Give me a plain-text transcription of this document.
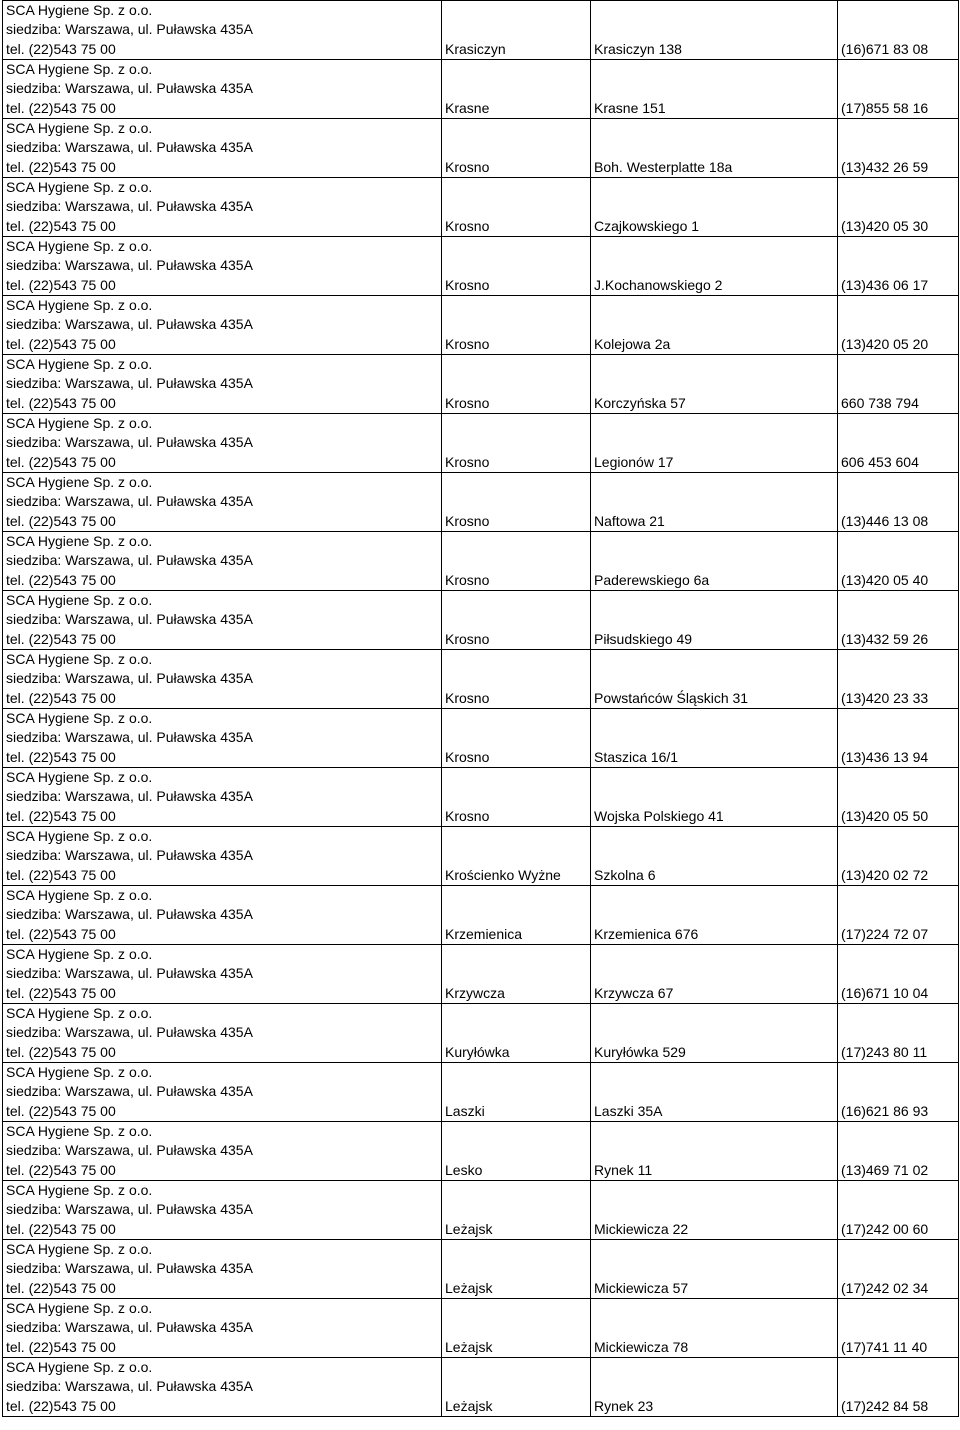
SCA Hygiene Sp. z o.o.
siedziba: Warszawa, ul. Puławska 435A
tel. (22)543 75 00	Krasiczyn	Krasiczyn 138	(16)671 83 08

SCA Hygiene Sp. z o.o.
siedziba: Warszawa, ul. Puławska 435A
tel. (22)543 75 00	Krasne	Krasne 151	(17)855 58 16

SCA Hygiene Sp. z o.o.
siedziba: Warszawa, ul. Puławska 435A
tel. (22)543 75 00	Krosno	Boh. Westerplatte 18a	(13)432 26 59

SCA Hygiene Sp. z o.o.
siedziba: Warszawa, ul. Puławska 435A
tel. (22)543 75 00	Krosno	Czajkowskiego 1	(13)420 05 30

SCA Hygiene Sp. z o.o.
siedziba: Warszawa, ul. Puławska 435A
tel. (22)543 75 00	Krosno	J.Kochanowskiego 2	(13)436 06 17

SCA Hygiene Sp. z o.o.
siedziba: Warszawa, ul. Puławska 435A
tel. (22)543 75 00	Krosno	Kolejowa 2a	(13)420 05 20

SCA Hygiene Sp. z o.o.
siedziba: Warszawa, ul. Puławska 435A
tel. (22)543 75 00	Krosno	Korczyńska 57	660 738 794

SCA Hygiene Sp. z o.o.
siedziba: Warszawa, ul. Puławska 435A
tel. (22)543 75 00	Krosno	Legionów 17	606 453 604

SCA Hygiene Sp. z o.o.
siedziba: Warszawa, ul. Puławska 435A
tel. (22)543 75 00	Krosno	Naftowa 21	(13)446 13 08

SCA Hygiene Sp. z o.o.
siedziba: Warszawa, ul. Puławska 435A
tel. (22)543 75 00	Krosno	Paderewskiego 6a	(13)420 05 40

SCA Hygiene Sp. z o.o.
siedziba: Warszawa, ul. Puławska 435A
tel. (22)543 75 00	Krosno	Piłsudskiego 49	(13)432 59 26

SCA Hygiene Sp. z o.o.
siedziba: Warszawa, ul. Puławska 435A
tel. (22)543 75 00	Krosno	Powstańców Śląskich 31	(13)420 23 33

SCA Hygiene Sp. z o.o.
siedziba: Warszawa, ul. Puławska 435A
tel. (22)543 75 00	Krosno	Staszica 16/1	(13)436 13 94

SCA Hygiene Sp. z o.o.
siedziba: Warszawa, ul. Puławska 435A
tel. (22)543 75 00	Krosno	Wojska Polskiego 41	(13)420 05 50

SCA Hygiene Sp. z o.o.
siedziba: Warszawa, ul. Puławska 435A
tel. (22)543 75 00	Krościenko Wyżne	Szkolna 6	(13)420 02 72

SCA Hygiene Sp. z o.o.
siedziba: Warszawa, ul. Puławska 435A
tel. (22)543 75 00	Krzemienica	Krzemienica 676	(17)224 72 07

SCA Hygiene Sp. z o.o.
siedziba: Warszawa, ul. Puławska 435A
tel. (22)543 75 00	Krzywcza	Krzywcza 67	(16)671 10 04

SCA Hygiene Sp. z o.o.
siedziba: Warszawa, ul. Puławska 435A
tel. (22)543 75 00	Kuryłówka	Kuryłówka 529	(17)243 80 11

SCA Hygiene Sp. z o.o.
siedziba: Warszawa, ul. Puławska 435A
tel. (22)543 75 00	Laszki	Laszki 35A	(16)621 86 93

SCA Hygiene Sp. z o.o.
siedziba: Warszawa, ul. Puławska 435A
tel. (22)543 75 00	Lesko	Rynek 11	(13)469 71 02

SCA Hygiene Sp. z o.o.
siedziba: Warszawa, ul. Puławska 435A
tel. (22)543 75 00	Leżajsk	Mickiewicza 22	(17)242 00 60

SCA Hygiene Sp. z o.o.
siedziba: Warszawa, ul. Puławska 435A
tel. (22)543 75 00	Leżajsk	Mickiewicza 57	(17)242 02 34

SCA Hygiene Sp. z o.o.
siedziba: Warszawa, ul. Puławska 435A
tel. (22)543 75 00	Leżajsk	Mickiewicza 78	(17)741 11 40

SCA Hygiene Sp. z o.o.
siedziba: Warszawa, ul. Puławska 435A
tel. (22)543 75 00	Leżajsk	Rynek 23	(17)242 84 58
